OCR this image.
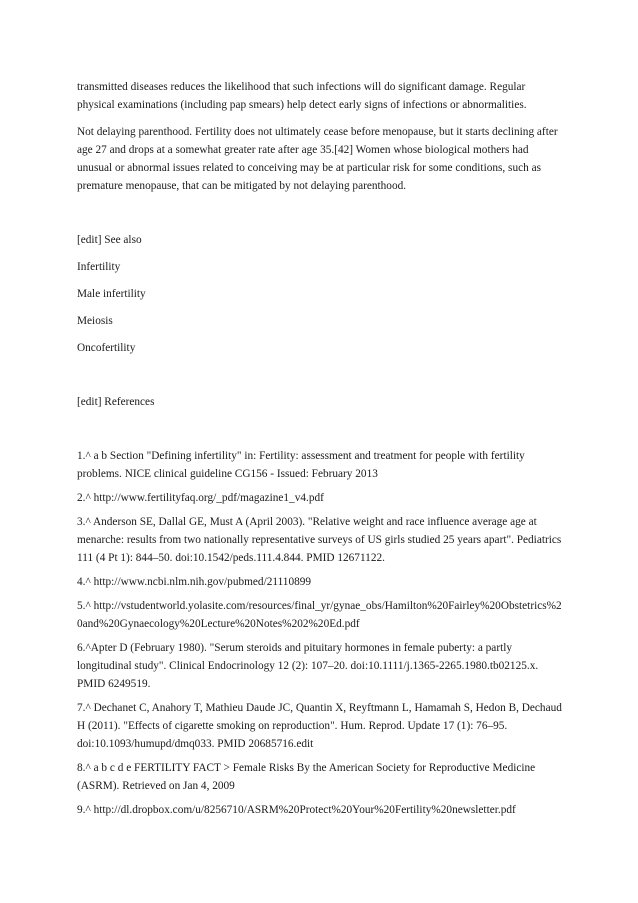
transmitted diseases reduces the likelihood that such infections will do significant damage. Regular physical examinations (including pap smears) help detect early signs of infections or abnormalities.

Not delaying parenthood. Fertility does not ultimately cease before menopause, but it starts declining after age 27 and drops at a somewhat greater rate after age 35.[42] Women whose biological mothers had unusual or abnormal issues related to conceiving may be at particular risk for some conditions, such as premature menopause, that can be mitigated by not delaying parenthood.

[edit] See also

Infertility

Male infertility

Meiosis

Oncofertility

[edit] References

1.^ a b Section "Defining infertility" in: Fertility: assessment and treatment for people with fertility problems. NICE clinical guideline CG156 - Issued: February 2013

2.^ http://www.fertilityfaq.org/_pdf/magazine1_v4.pdf

3.^ Anderson SE, Dallal GE, Must A (April 2003). "Relative weight and race influence average age at menarche: results from two nationally representative surveys of US girls studied 25 years apart". Pediatrics 111 (4 Pt 1): 844–50. doi:10.1542/peds.111.4.844. PMID 12671122.

4.^ http://www.ncbi.nlm.nih.gov/pubmed/21110899

5.^ http://vstudentworld.yolasite.com/resources/final_yr/gynae_obs/Hamilton%20Fairley%20Obstetrics%20and%20Gynaecology%20Lecture%20Notes%202%20Ed.pdf

6.^Apter D (February 1980). "Serum steroids and pituitary hormones in female puberty: a partly longitudinal study". Clinical Endocrinology 12 (2): 107–20. doi:10.1111/j.1365-2265.1980.tb02125.x. PMID 6249519.

7.^ Dechanet C, Anahory T, Mathieu Daude JC, Quantin X, Reyftmann L, Hamamah S, Hedon B, Dechaud H (2011). "Effects of cigarette smoking on reproduction". Hum. Reprod. Update 17 (1): 76–95. doi:10.1093/humupd/dmq033. PMID 20685716.edit

8.^ a b c d e FERTILITY FACT > Female Risks By the American Society for Reproductive Medicine (ASRM). Retrieved on Jan 4, 2009

9.^ http://dl.dropbox.com/u/8256710/ASRM%20Protect%20Your%20Fertility%20newsletter.pdf
